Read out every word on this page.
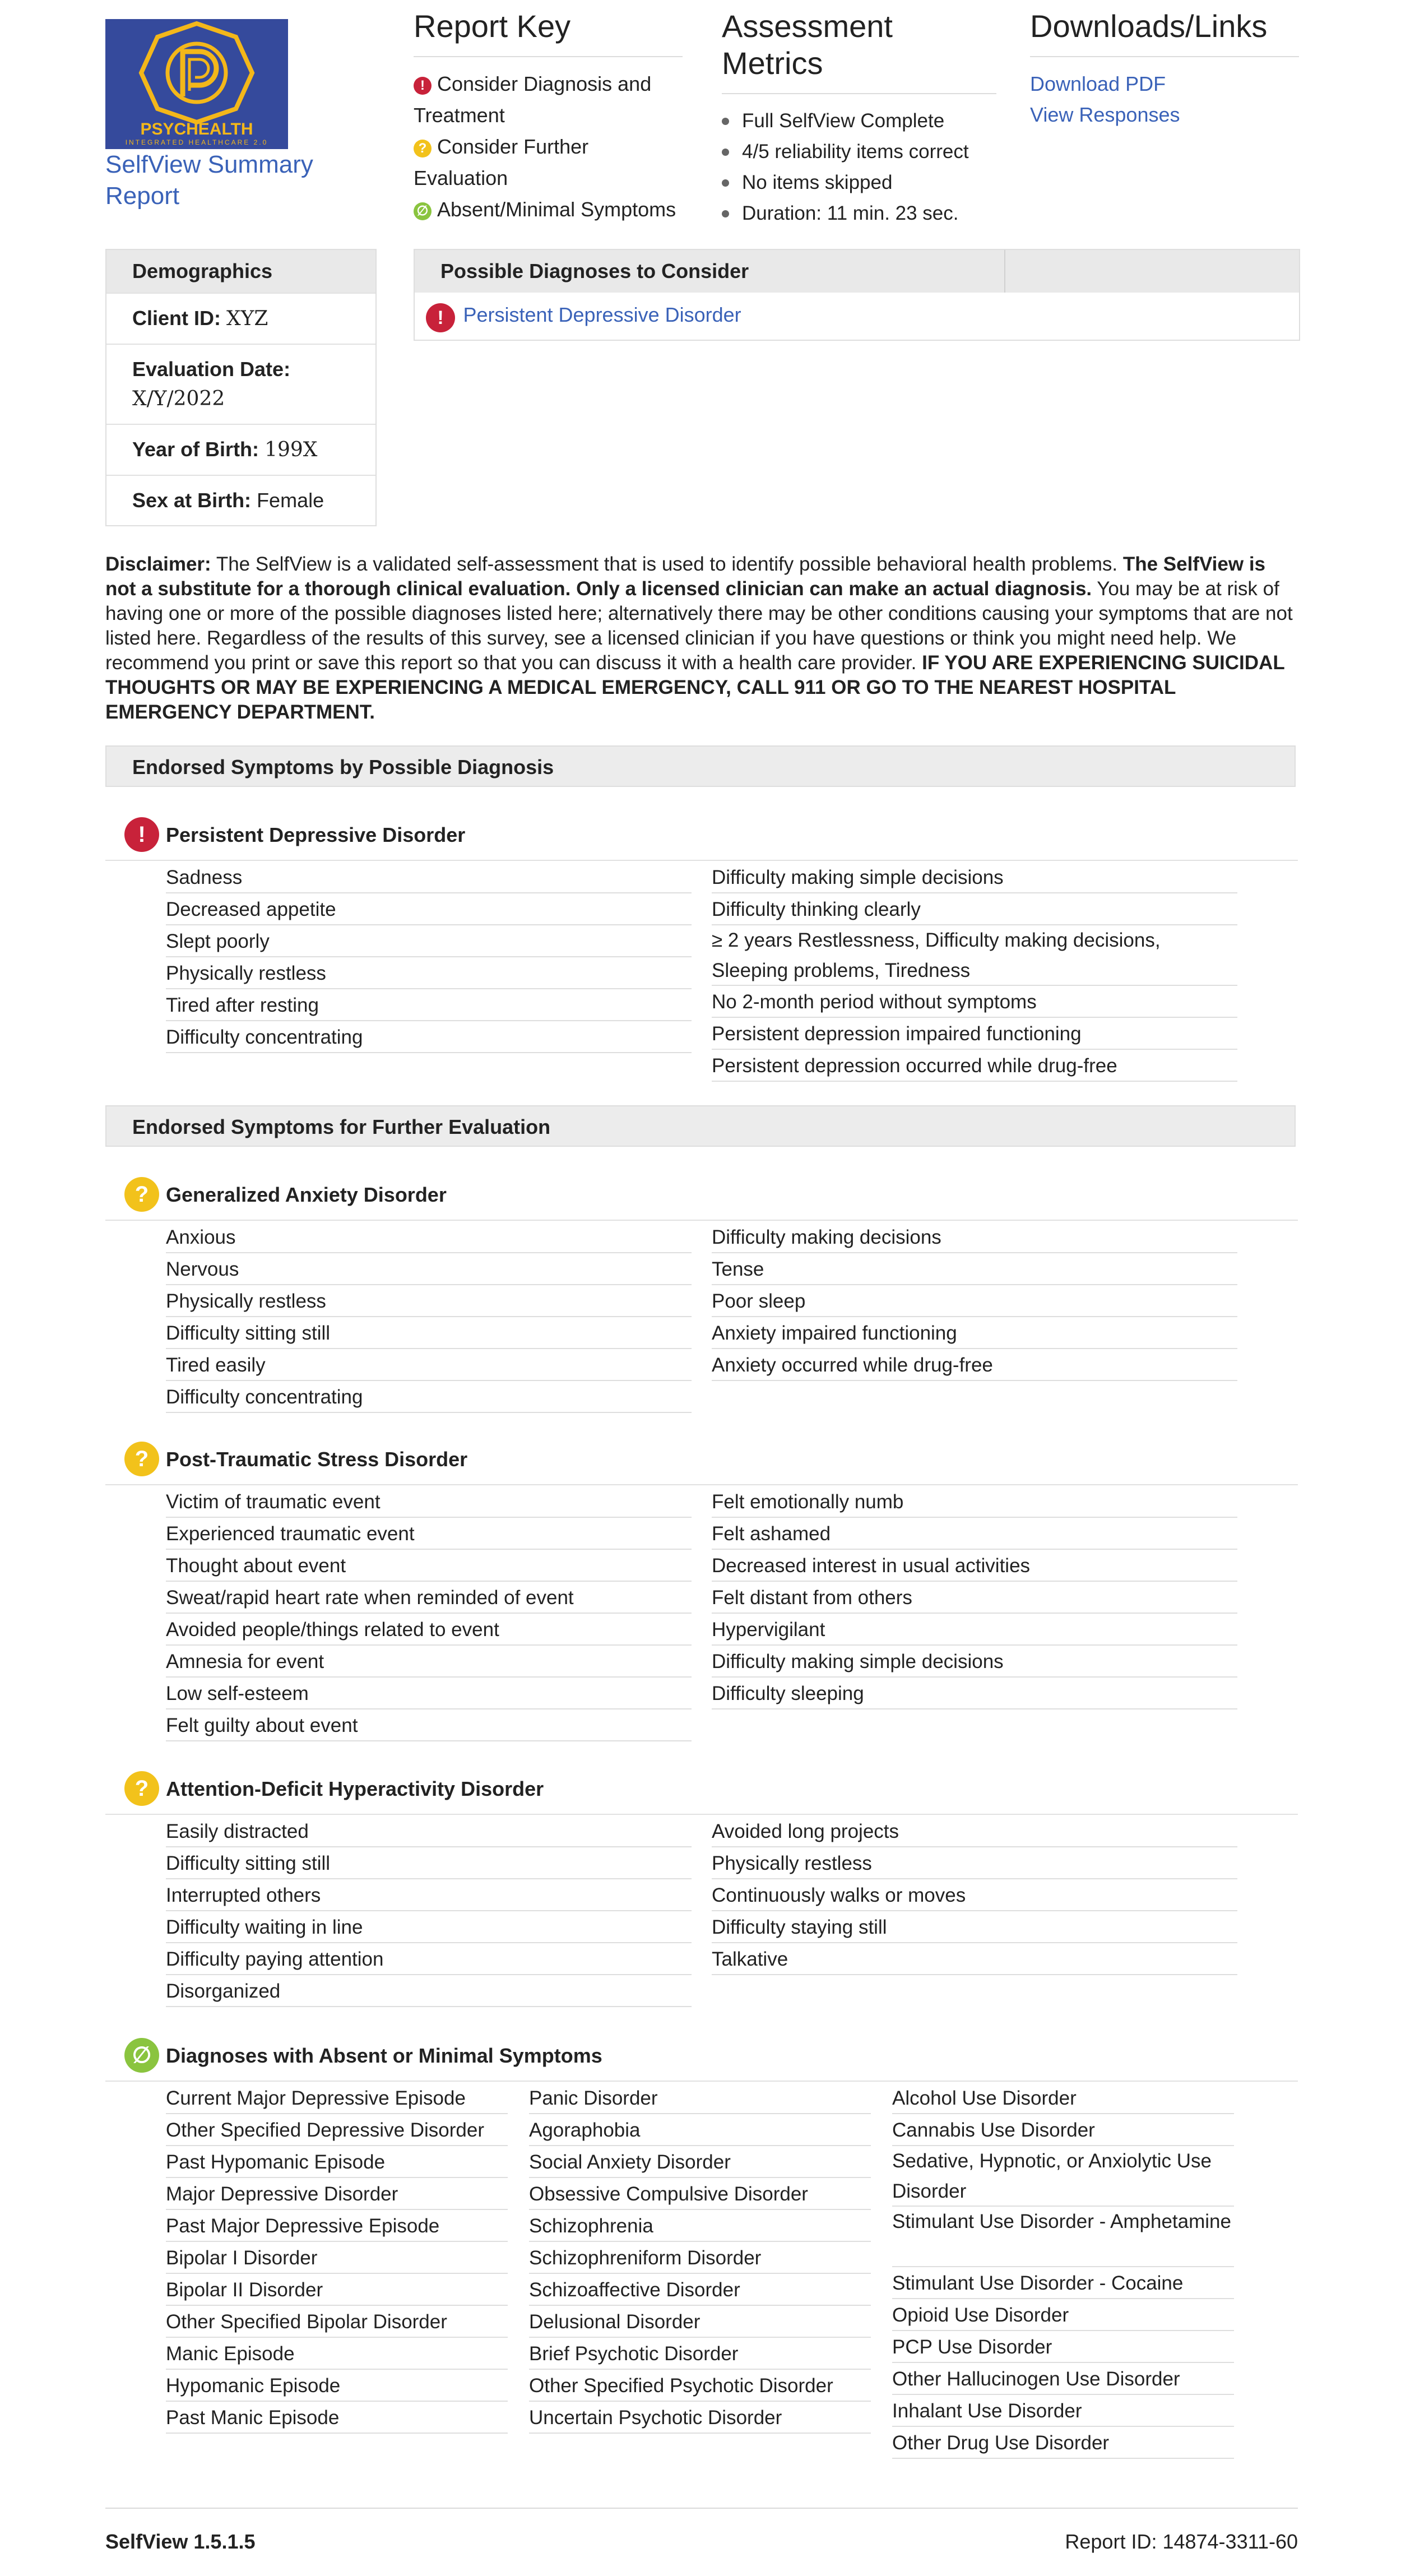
PSYCHEALTH
INTEGRATED HEALTHCARE 2.0
SelfView Summary Report
Report Key
! Consider Diagnosis and Treatment
? Consider Further Evaluation
∅ Absent/Minimal Symptoms
Assessment Metrics
Full SelfView Complete
4/5 reliability items correct
No items skipped
Duration: 11 min. 23 sec.
Downloads/Links
Download PDF
View Responses
Demographics
Client ID: XYZ
Evaluation Date:
X/Y/2022
Year of Birth: 199X
Sex at Birth: Female
Possible Diagnoses to Consider
! Persistent Depressive Disorder
Disclaimer: The SelfView is a validated self-assessment that is used to identify possible behavioral health problems. The SelfView is not a substitute for a thorough clinical evaluation. Only a licensed clinician can make an actual diagnosis. You may be at risk of having one or more of the possible diagnoses listed here; alternatively there may be other conditions causing your symptoms that are not listed here. Regardless of the results of this survey, see a licensed clinician if you have questions or think you might need help. We recommend you print or save this report so that you can discuss it with a health care provider. IF YOU ARE EXPERIENCING SUICIDAL THOUGHTS OR MAY BE EXPERIENCING A MEDICAL EMERGENCY, CALL 911 OR GO TO THE NEAREST HOSPITAL EMERGENCY DEPARTMENT.
Endorsed Symptoms by Possible Diagnosis
!	Persistent Depressive Disorder
Sadness
Decreased appetite
Slept poorly
Physically restless
Tired after resting
Difficulty concentrating
Difficulty making simple decisions
Difficulty thinking clearly
≥ 2 years Restlessness, Difficulty making decisions, Sleeping problems, Tiredness
No 2-month period without symptoms
Persistent depression impaired functioning
Persistent depression occurred while drug-free
Endorsed Symptoms for Further Evaluation
? Generalized Anxiety Disorder
Anxious
Nervous
Physically restless
Difficulty sitting still
Tired easily
Difficulty concentrating
Difficulty making decisions
Tense
Poor sleep
Anxiety impaired functioning
Anxiety occurred while drug-free
? Post-Traumatic Stress Disorder
Victim of traumatic event
Experienced traumatic event
Thought about event
Sweat/rapid heart rate when reminded of event
Avoided people/things related to event
Amnesia for event
Low self-esteem
Felt guilty about event
Felt emotionally numb
Felt ashamed
Decreased interest in usual activities
Felt distant from others
Hypervigilant
Difficulty making simple decisions
Difficulty sleeping
? Attention-Deficit Hyperactivity Disorder
Easily distracted
Difficulty sitting still
Interrupted others
Difficulty waiting in line
Difficulty paying attention
Disorganized
Avoided long projects
Physically restless
Continuously walks or moves
Difficulty staying still
Talkative
∅ Diagnoses with Absent or Minimal Symptoms
Current Major Depressive Episode
Other Specified Depressive Disorder
Past Hypomanic Episode
Major Depressive Disorder
Past Major Depressive Episode
Bipolar I Disorder
Bipolar II Disorder
Other Specified Bipolar Disorder
Manic Episode
Hypomanic Episode
Past Manic Episode
Panic Disorder
Agoraphobia
Social Anxiety Disorder
Obsessive Compulsive Disorder
Schizophrenia
Schizophreniform Disorder
Schizoaffective Disorder
Delusional Disorder
Brief Psychotic Disorder
Other Specified Psychotic Disorder
Uncertain Psychotic Disorder
Alcohol Use Disorder
Cannabis Use Disorder
Sedative, Hypnotic, or Anxiolytic Use Disorder
Stimulant Use Disorder - Amphetamine
Stimulant Use Disorder - Cocaine
Opioid Use Disorder
PCP Use Disorder
Other Hallucinogen Use Disorder
Inhalant Use Disorder
Other Drug Use Disorder
SelfView 1.5.1.5	Report ID: 14874-3311-60
